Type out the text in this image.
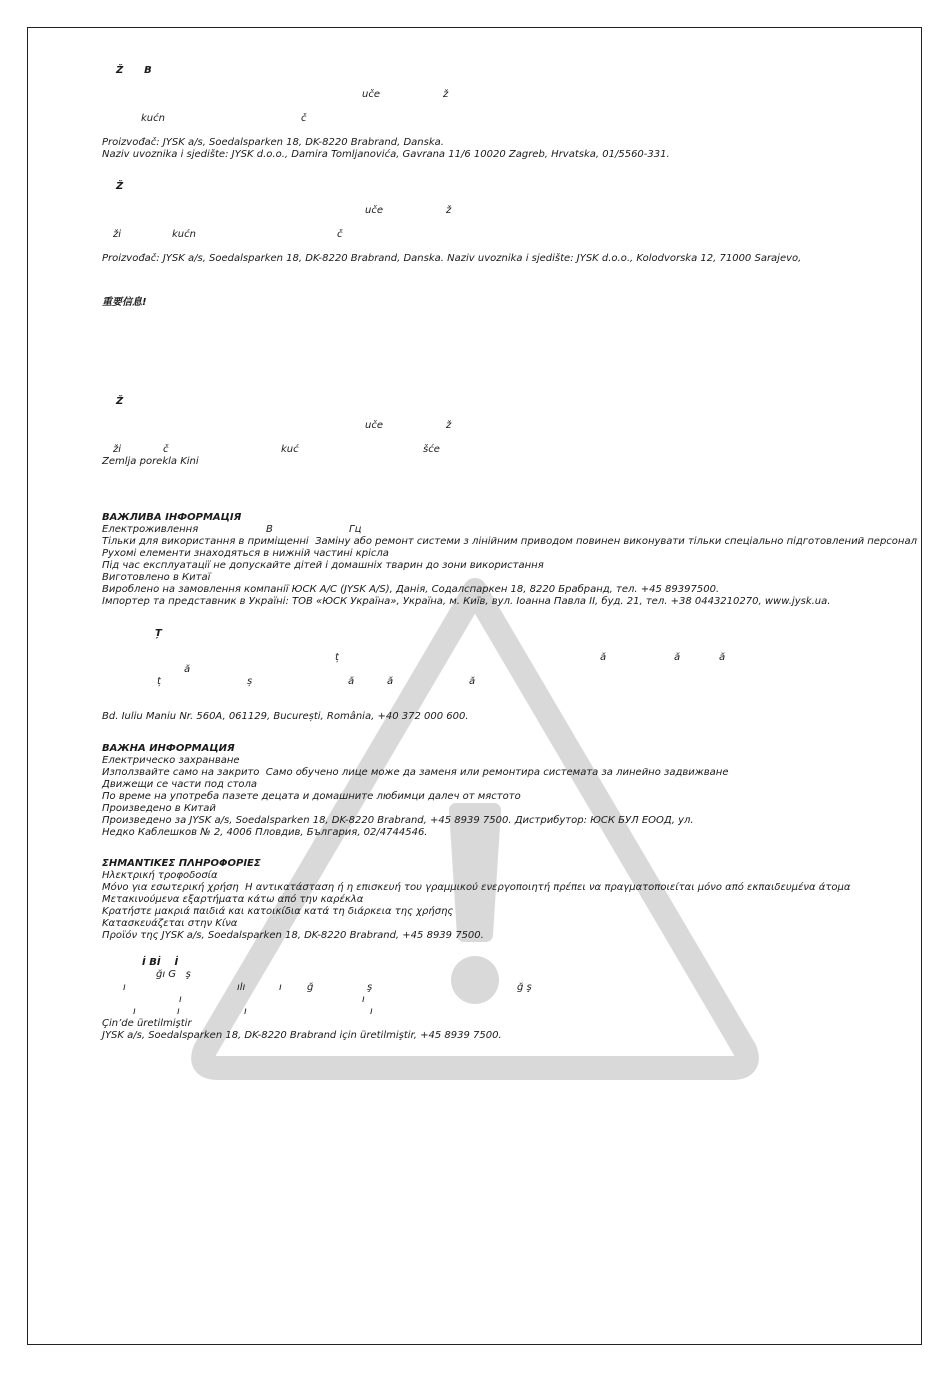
Ž      B
uče	ž
kućn	č
Proizvođač: JYSK a/s, Soedalsparken 18, DK-8220 Brabrand, Danska.
Naziv uvoznika i sjedište: JYSK d.o.o., Damira Tomljanovića, Gavrana 11/6 10020 Zagreb, Hrvatska, 01/5560-331.
Ž
uče	ž
ži	kućn	č
Proizvođač: JYSK a/s, Soedalsparken 18, DK-8220 Brabrand, Danska. Naziv uvoznika i sjedište: JYSK d.o.o., Kolodvorska 12, 71000 Sarajevo,
重要信息!
Ž
uče	ž
ži	č	kuć	šće
Zemlja porekla Kini
ВАЖЛИВА ІНФОРМАЦІЯ
Електроживлення	В	Гц
Тільки для використання в приміщенні  Заміну або ремонт системи з лінійним приводом повинен виконувати тільки спеціально підготовлений персонал
Рухомі елементи знаходяться в нижній частині крісла
Під час експлуатації не допускайте дітей і домашніх тварин до зони використання
Виготовлено в Китаї
Вироблено на замовлення компанії ЮСК А/С (JYSK A/S), Данія, Содалспаркен 18, 8220 Брабранд, тел. +45 89397500.
Імпортер та представник в Україні: ТОВ «ЮСК Україна», Україна, м. Київ, вул. Іоанна Павла II, буд. 21, тел. +38 0443210270, www.jysk.ua.
Ț
ț	ă	ă	ă
ă
ț	ș	ă	ă	ă
Bd. Iuliu Maniu Nr. 560A, 061129, București, România, +40 372 000 600.
ВАЖНА ИНФОРМАЦИЯ
Електрическо захранване
Използвайте само на закрито  Само обучено лице може да заменя или ремонтира системата за линейно задвижване
Движещи се части под стола
По време на употреба пазете децата и домашните любимци далеч от мястото
Произведено в Китай
Произведено за JYSK a/s, Soedalsparken 18, DK-8220 Brabrand, +45 8939 7500. Дистрибутор: ЮСК БУЛ ЕООД, ул.
Недко Каблешков № 2, 4006 Пловдив, България, 02/4744546.
ΣΗΜΑΝΤΙΚΕΣ ΠΛΗΡΟΦΟΡΙΕΣ
Ηλεκτρική τροφοδοσία
Μόνο για εσωτερική χρήση  Η αντικατάσταση ή η επισκευή του γραμμικού ενεργοποιητή πρέπει να πραγματοποιείται μόνο από εκπαιδευμένα άτομα
Μετακινούμενα εξαρτήματα κάτω από την καρέκλα
Κρατήστε μακριά παιδιά και κατοικίδια κατά τη διάρκεια της χρήσης
Κατασκευάζεται στην Κίνα
Προϊόν της JYSK a/s, Soedalsparken 18, DK-8220 Brabrand, +45 8939 7500.
İ Bİ    İ
ğı G   ş
ı	ılı	ı	ğ	ş	ğ ş
ı	ı
ı	ı	ı	ı
Çin’de üretilmiştir
JYSK a/s, Soedalsparken 18, DK-8220 Brabrand için üretilmiştir, +45 8939 7500.
